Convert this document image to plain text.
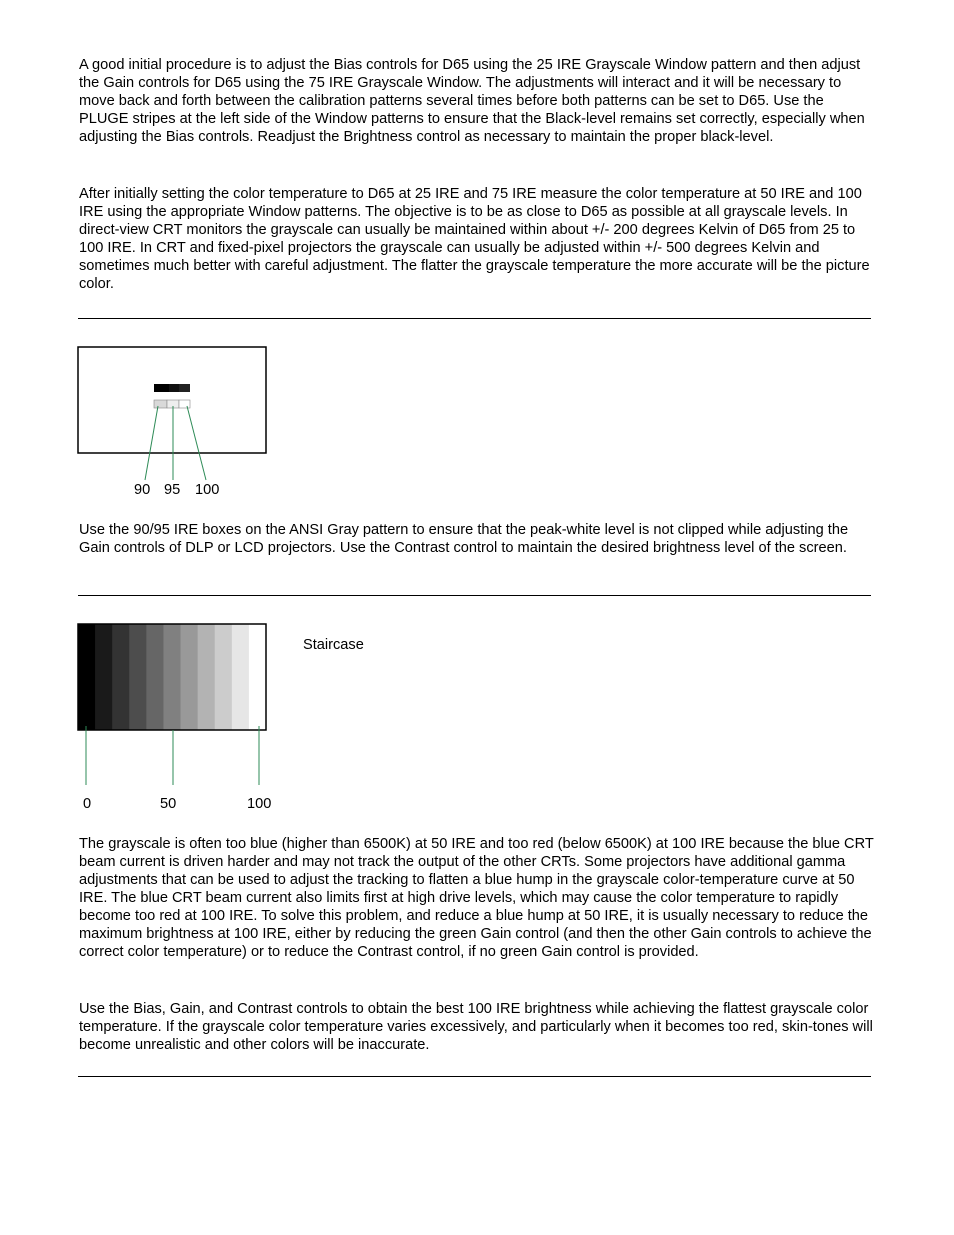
A good initial procedure is to adjust the Bias controls for D65 using the 25 IRE Grayscale Window pattern and then adjust the Gain controls for D65 using the 75 IRE Grayscale Window. The adjustments will interact and it will be necessary to move back and forth between the calibration patterns several times before both patterns can be set to D65. Use the PLUGE stripes at the left side of the Window patterns to ensure that the Black-level remains set correctly, especially when adjusting the Bias controls. Readjust the Brightness control as necessary to maintain the proper black-level.

After initially setting the color temperature to D65 at 25 IRE and 75 IRE measure the color temperature at 50 IRE and 100 IRE using the appropriate Window patterns. The objective is to be as close to D65 as possible at all grayscale levels. In direct-view CRT monitors the grayscale can usually be maintained within about +/- 200 degrees Kelvin of D65 from 25 to 100 IRE. In CRT and fixed-pixel projectors the grayscale can usually be adjusted within +/- 500 degrees Kelvin and sometimes much better with careful adjustment. The flatter the grayscale temperature the more accurate will be the picture color.

90 95 100

Use the 90/95 IRE boxes on the ANSI Gray pattern to ensure that the peak-white level is not clipped while adjusting the Gain controls of DLP or LCD projectors. Use the Contrast control to maintain the desired brightness level of the screen.

Staircase
0	50	100

The grayscale is often too blue (higher than 6500K) at 50 IRE and too red (below 6500K) at 100 IRE because the blue CRT beam current is driven harder and may not track the output of the other CRTs. Some projectors have additional gamma adjustments that can be used to adjust the tracking to flatten a blue hump in the grayscale color-temperature curve at 50 IRE. The blue CRT beam current also limits first at high drive levels, which may cause the color temperature to rapidly become too red at 100 IRE. To solve this problem, and reduce a blue hump at 50 IRE, it is usually necessary to reduce the maximum brightness at 100 IRE, either by reducing the green Gain control (and then the other Gain controls to achieve the correct color temperature) or to reduce the Contrast control, if no green Gain control is provided.

Use the Bias, Gain, and Contrast controls to obtain the best 100 IRE brightness while achieving the flattest grayscale color temperature. If the grayscale color temperature varies excessively, and particularly when it becomes too red, skin-tones will become unrealistic and other colors will be inaccurate.
